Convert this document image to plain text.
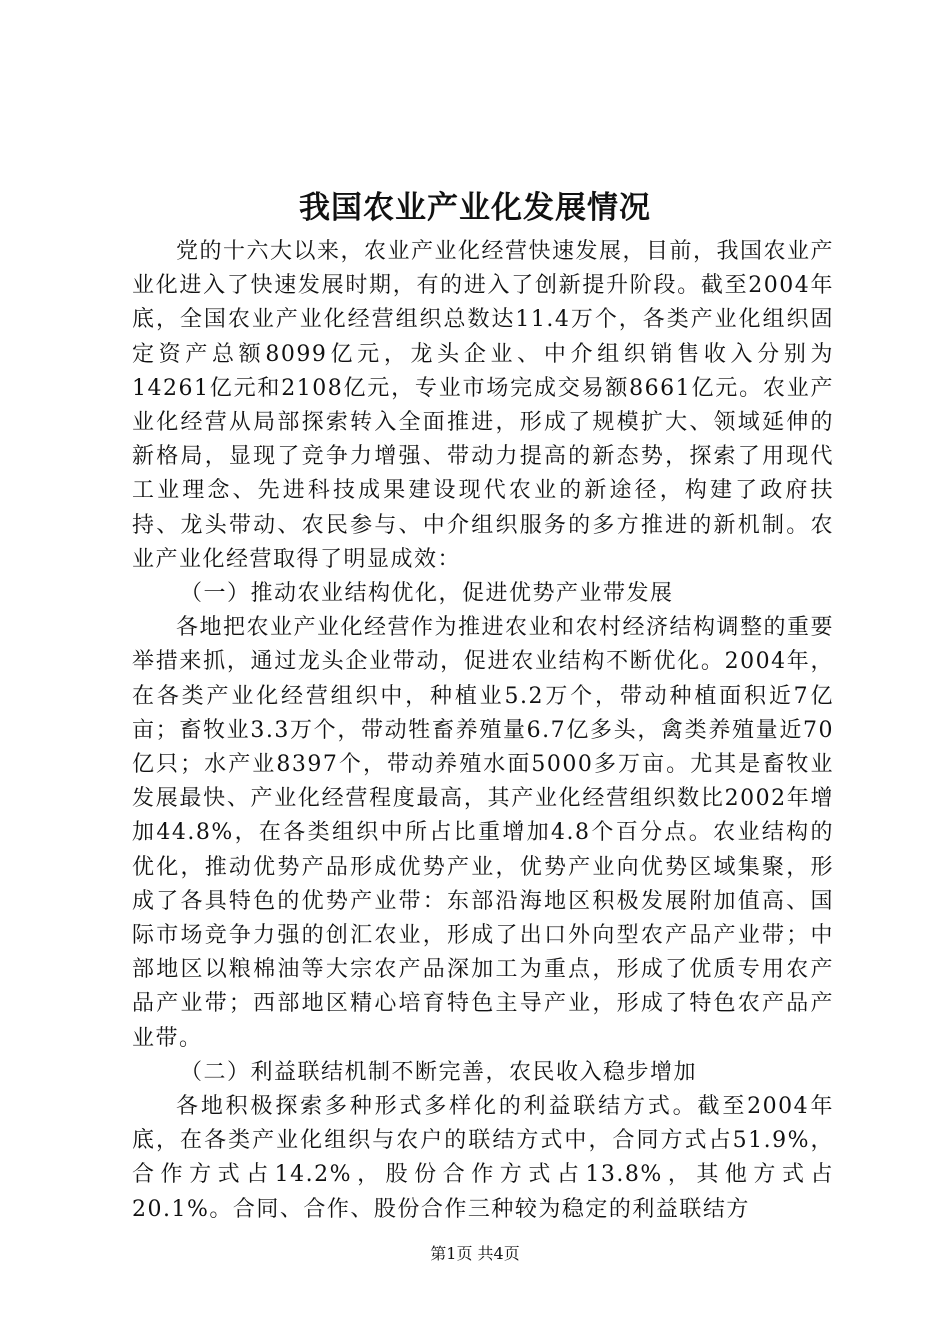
我国农业产业化发展情况

党的十六大以来，农业产业化经营快速发展，目前，我国农业产业化进入了快速发展时期，有的进入了创新提升阶段。截至2004年底，全国农业产业化经营组织总数达11.4万个，各类产业化组织固定资产总额8099亿元，龙头企业、中介组织销售收入分别为14261亿元和2108亿元，专业市场完成交易额8661亿元。农业产业化经营从局部探索转入全面推进，形成了规模扩大、领域延伸的新格局，显现了竞争力增强、带动力提高的新态势，探索了用现代工业理念、先进科技成果建设现代农业的新途径，构建了政府扶持、龙头带动、农民参与、中介组织服务的多方推进的新机制。农业产业化经营取得了明显成效：

（一）推动农业结构优化，促进优势产业带发展

各地把农业产业化经营作为推进农业和农村经济结构调整的重要举措来抓，通过龙头企业带动，促进农业结构不断优化。2004年，在各类产业化经营组织中，种植业5.2万个，带动种植面积近7亿亩；畜牧业3.3万个，带动牲畜养殖量6.7亿多头，禽类养殖量近70亿只；水产业8397个，带动养殖水面5000多万亩。尤其是畜牧业发展最快、产业化经营程度最高，其产业化经营组织数比2002年增加44.8%，在各类组织中所占比重增加4.8个百分点。农业结构的优化，推动优势产品形成优势产业，优势产业向优势区域集聚，形成了各具特色的优势产业带：东部沿海地区积极发展附加值高、国际市场竞争力强的创汇农业，形成了出口外向型农产品产业带；中部地区以粮棉油等大宗农产品深加工为重点，形成了优质专用农产品产业带；西部地区精心培育特色主导产业，形成了特色农产品产业带。

（二）利益联结机制不断完善，农民收入稳步增加

各地积极探索多种形式多样化的利益联结方式。截至2004年底，在各类产业化组织与农户的联结方式中，合同方式占51.9%，合作方式占14.2%，股份合作方式占13.8%，其他方式占20.1%。合同、合作、股份合作三种较为稳定的利益联结方

第1页 共4页
